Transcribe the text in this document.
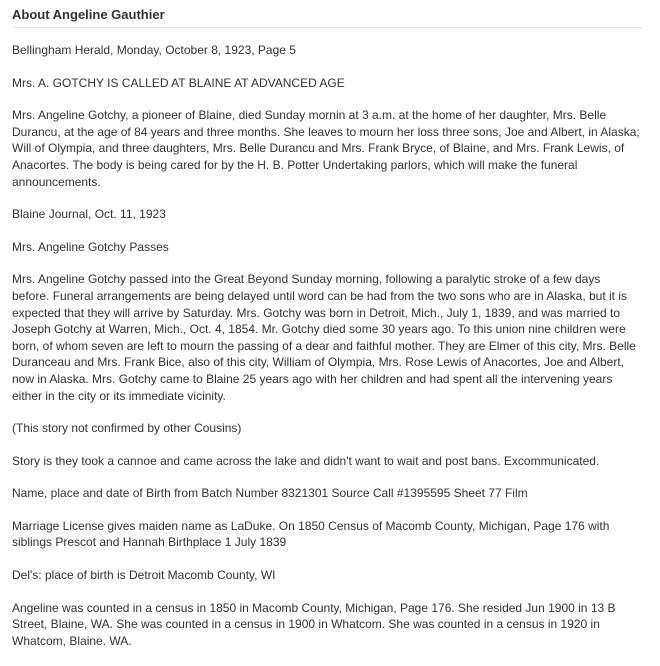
About Angeline Gauthier

Bellingham Herald, Monday, October 8, 1923, Page 5

Mrs. A. GOTCHY IS CALLED AT BLAINE AT ADVANCED AGE

Mrs. Angeline Gotchy, a pioneer of Blaine, died Sunday mornin at 3 a.m. at the home of her daughter, Mrs. Belle Durancu, at the age of 84 years and three months. She leaves to mourn her loss three sons, Joe and Albert, in Alaska; Will of Olympia, and three daughters, Mrs. Belle Durancu and Mrs. Frank Bryce, of Blaine, and Mrs. Frank Lewis, of Anacortes. The body is being cared for by the H. B. Potter Undertaking parlors, which will make the funeral announcements.

Blaine Journal, Oct. 11, 1923

Mrs. Angeline Gotchy Passes

Mrs. Angeline Gotchy passed into the Great Beyond Sunday morning, following a paralytic stroke of a few days before. Funeral arrangements are being delayed until word can be had from the two sons who are in Alaska, but it is expected that they will arrive by Saturday. Mrs. Gotchy was born in Detroit, Mich., July 1, 1839, and was married to Joseph Gotchy at Warren, Mich., Oct. 4, 1854. Mr. Gotchy died some 30 years ago. To this union nine children were born, of whom seven are left to mourn the passing of a dear and faithful mother. They are Elmer of this city, Mrs. Belle Duranceau and Mrs. Frank Bice, also of this city, William of Olympia, Mrs. Rose Lewis of Anacortes, Joe and Albert, now in Alaska. Mrs. Gotchy came to Blaine 25 years ago with her children and had spent all the intervening years either in the city or its immediate vicinity.

(This story not confirmed by other Cousins)

Story is they took a cannoe and came across the lake and didn't want to wait and post bans. Excommunicated.

Name, place and date of Birth from Batch Number 8321301 Source Call #1395595 Sheet 77 Film

Marriage License gives maiden name as LaDuke. On 1850 Census of Macomb County, Michigan, Page 176 with siblings Prescot and Hannah Birthplace 1 July 1839

Del's: place of birth is Detroit Macomb County, WI

Angeline was counted in a census in 1850 in Macomb County, Michigan, Page 176. She resided Jun 1900 in 13 B Street, Blaine, WA. She was counted in a census in 1900 in Whatcom. She was counted in a census in 1920 in Whatcom, Blaine. WA.
